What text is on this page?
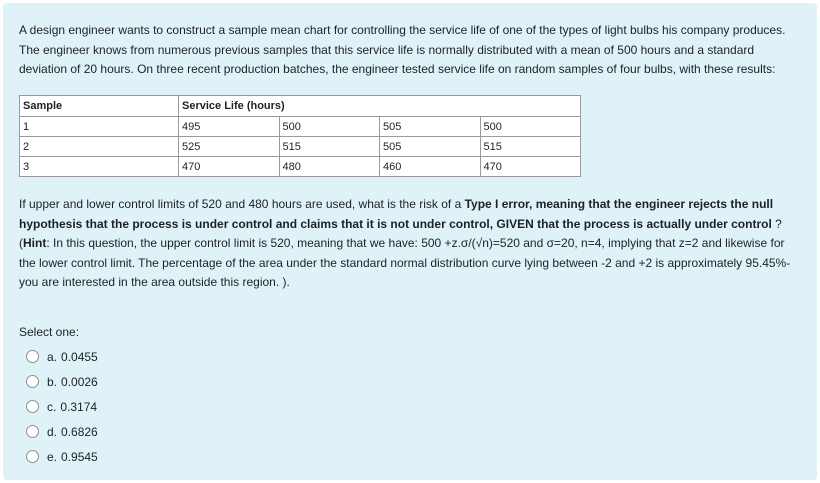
A design engineer wants to construct a sample mean chart for controlling the service life of one of the types of light bulbs his company produces. The engineer knows from numerous previous samples that this service life is normally distributed with a mean of 500 hours and a standard deviation of 20 hours. On three recent production batches, the engineer tested service life on random samples of four bulbs, with these results:

Sample	Service Life (hours)			
1	495	500	505	500
2	525	515	505	515
3	470	480	460	470
If upper and lower control limits of 520 and 480 hours are used, what is the risk of a Type I error, meaning that the engineer rejects the null hypothesis that the process is under control and claims that it is not under control, GIVEN that the process is actually under control ? (Hint: In this question, the upper control limit is 520, meaning that we have: 500 +z.σ/(√n)=520 and σ=20, n=4, implying that z=2 and likewise for the lower control limit. The percentage of the area under the standard normal distribution curve lying between -2 and +2 is approximately 95.45%-you are interested in the area outside this region. ).
Select one:
a. 0.0455
b. 0.0026
c. 0.3174
d. 0.6826
e. 0.9545
